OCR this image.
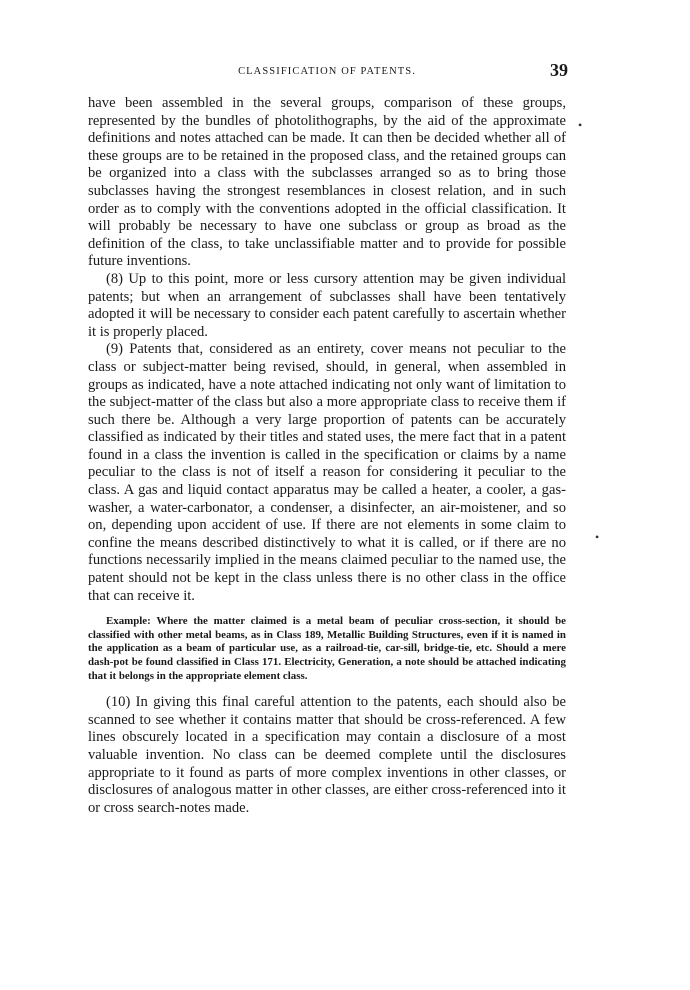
CLASSIFICATION OF PATENTS.	39

have been assembled in the several groups, comparison of these groups, represented by the bundles of photolithographs, by the aid of the approximate definitions and notes attached can be made. It can then be decided whether all of these groups are to be retained in the proposed class, and the retained groups can be organized into a class with the subclasses arranged so as to bring those subclasses having the strongest resemblances in closest relation, and in such order as to comply with the conventions adopted in the official classification. It will probably be necessary to have one subclass or group as broad as the definition of the class, to take unclassifiable matter and to provide for possible future inventions.

(8) Up to this point, more or less cursory attention may be given individual patents; but when an arrangement of subclasses shall have been tentatively adopted it will be necessary to consider each patent carefully to ascertain whether it is properly placed.

(9) Patents that, considered as an entirety, cover means not peculiar to the class or subject-matter being revised, should, in general, when assembled in groups as indicated, have a note attached indicating not only want of limitation to the subject-matter of the class but also a more appropriate class to receive them if such there be. Although a very large proportion of patents can be accurately classified as indicated by their titles and stated uses, the mere fact that in a patent found in a class the invention is called in the specification or claims by a name peculiar to the class is not of itself a reason for considering it peculiar to the class. A gas and liquid contact apparatus may be called a heater, a cooler, a gas-washer, a water-carbonator, a condenser, a disinfecter, an air-moistener, and so on, depending upon accident of use. If there are not elements in some claim to confine the means described distinctively to what it is called, or if there are no functions necessarily implied in the means claimed peculiar to the named use, the patent should not be kept in the class unless there is no other class in the office that can receive it.

Example: Where the matter claimed is a metal beam of peculiar cross-section, it should be classified with other metal beams, as in Class 189, Metallic Building Structures, even if it is named in the application as a beam of particular use, as a railroad-tie, car-sill, bridge-tie, etc. Should a mere dash-pot be found classified in Class 171. Electricity, Generation, a note should be attached indicating that it belongs in the appropriate element class.

(10) In giving this final careful attention to the patents, each should also be scanned to see whether it contains matter that should be cross-referenced. A few lines obscurely located in a specification may contain a disclosure of a most valuable invention. No class can be deemed complete until the disclosures appropriate to it found as parts of more complex inventions in other classes, or disclosures of analogous matter in other classes, are either cross-referenced into it or cross search-notes made.

•
•
